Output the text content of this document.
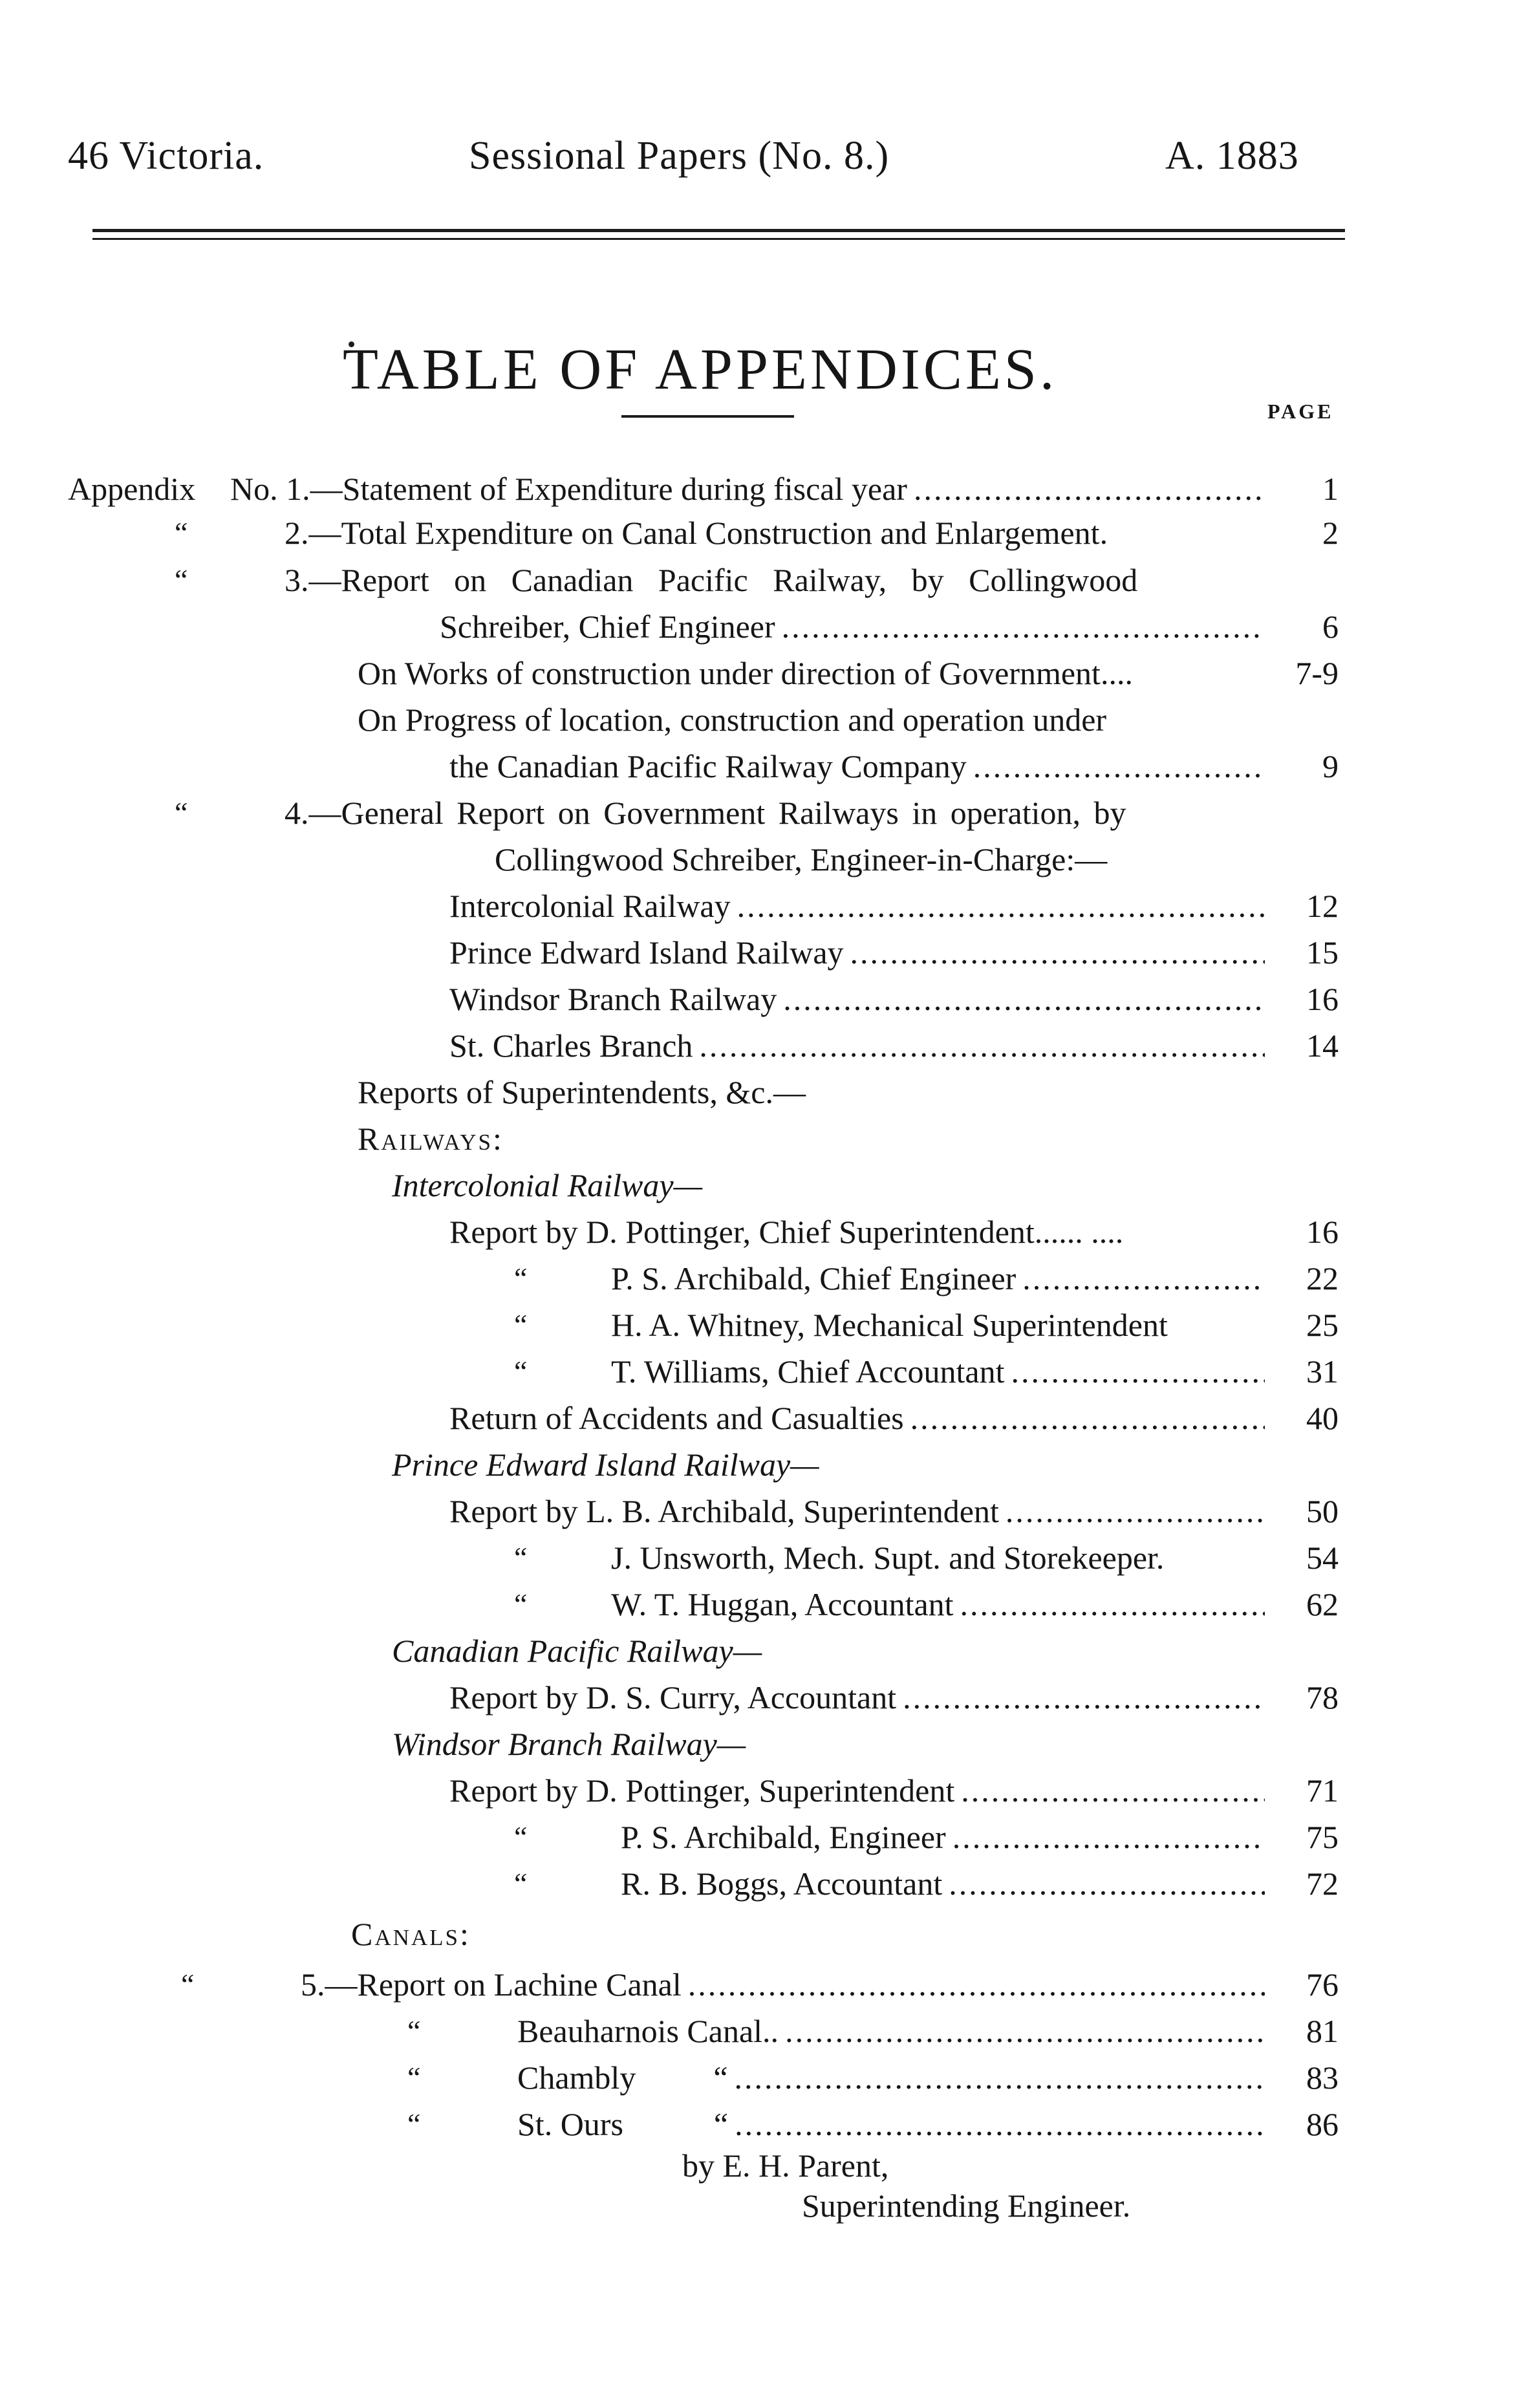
46 Victoria.	Sessional Papers (No. 8.)	A. 1883
TABLE OF APPENDICES.
PAGE
Appendix No. 1.—Statement of Expenditure during fiscal year .....	1
“	2.—Total Expenditure on Canal Construction and Enlargement.	2
“	3.—Report on Canadian Pacific Railway, by Collingwood
Schreiber, Chief Engineer .....	6
On Works of construction under direction of Government....	7-9
On Progress of location, construction and operation under
the Canadian Pacific Railway Company .....	9
“	4.—General Report on Government Railways in operation, by
Collingwood Schreiber, Engineer-in-Charge:—
Intercolonial Railway .....	12
Prince Edward Island Railway .....	15
Windsor Branch Railway .....	16
St. Charles Branch .....	14
Reports of Superintendents, &c.—
Railways:
Intercolonial Railway—
Report by D. Pottinger, Chief Superintendent...... ....	16
“	P. S. Archibald, Chief Engineer .....	22
“	H. A. Whitney, Mechanical Superintendent	25
“	T. Williams, Chief Accountant .....	31
Return of Accidents and Casualties .....	40
Prince Edward Island Railway—
Report by L. B. Archibald, Superintendent .....	50
“	J. Unsworth, Mech. Supt. and Storekeeper.	54
“	W. T. Huggan, Accountant .....	62
Canadian Pacific Railway—
Report by D. S. Curry, Accountant .....	78
Windsor Branch Railway—
Report by D. Pottinger, Superintendent .....	71
“	P. S. Archibald, Engineer .....	75
“	R. B. Boggs, Accountant .....	72
Canals:
“	5.—Report on Lachine Canal .....	76
“	Beauharnois Canal.. .....	81
“	Chambly “ .....	83
“	St. Ours	“ .....	86
by E. H. Parent,
Superintending Engineer.
